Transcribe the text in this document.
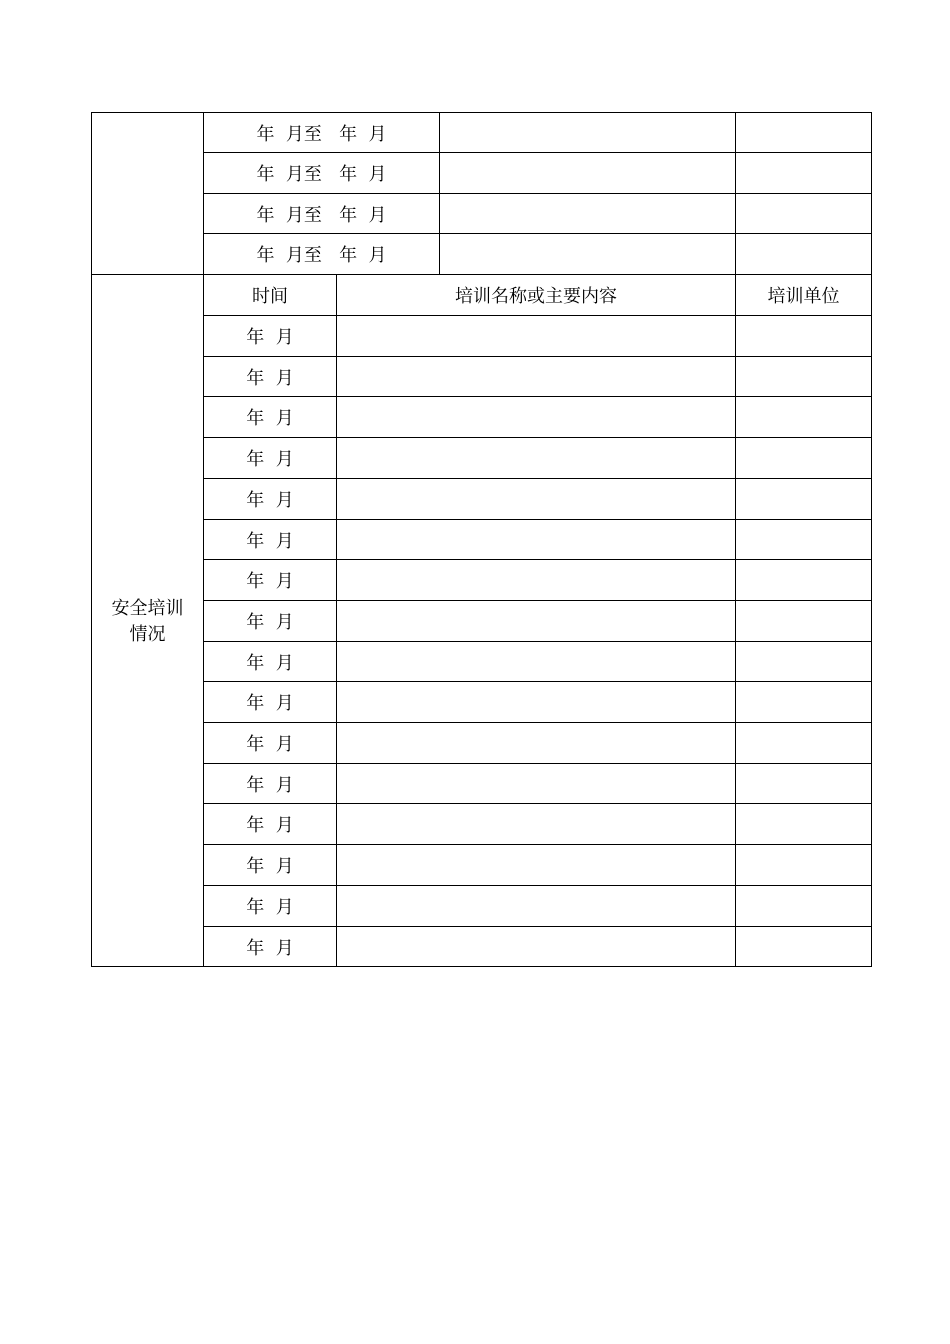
年  月至   年  月
年  月至   年  月
年  月至   年  月
年  月至   年  月
安全培训
情况
时间	培训名称或主要内容	培训单位
年  月
年  月
年  月
年  月
年  月
年  月
年  月
年  月
年  月
年  月
年  月
年  月
年  月
年  月
年  月
年  月
